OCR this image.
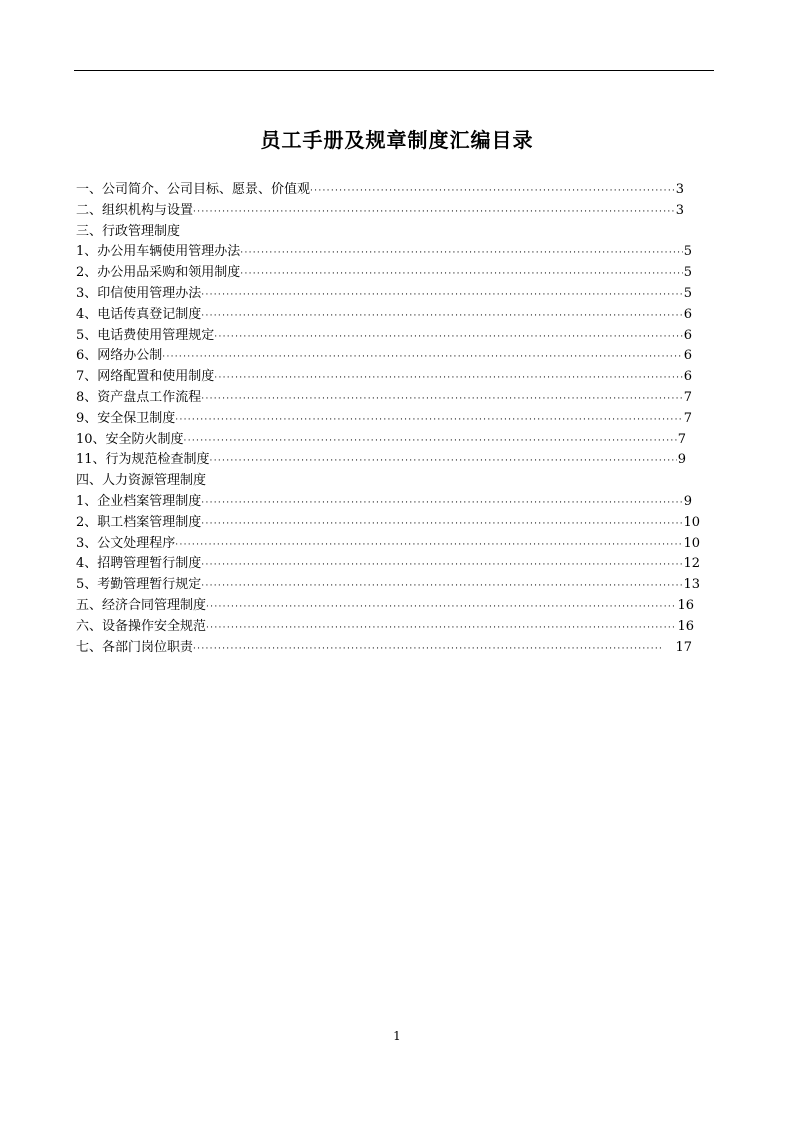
员工手册及规章制度汇编目录
一、公司简介、公司目标、愿景、价值观 ·····	3
二、组织机构与设置 ·····	3
三、行政管理制度
1、办公用车辆使用管理办法 ·····	5
2、办公用品采购和领用制度 ·····	5
3、印信使用管理办法 ·····	5
4、电话传真登记制度 ·····	6
5、电话费使用管理规定 ·····	6
6、网络办公制 ·····	6
7、网络配置和使用制度 ·····	6
8、资产盘点工作流程 ·····	7
9、安全保卫制度 ·····	7
10、安全防火制度 ·····	7
11、行为规范检查制度 ·····	9
四、人力资源管理制度
1、企业档案管理制度 ·····	9
2、职工档案管理制度 ·····	10
3、公文处理程序 ·····	10
4、招聘管理暂行制度 ·····	12
5、考勤管理暂行规定 ·····	13
五、经济合同管理制度 ·····	16
六、设备操作安全规范 ·····	16
七、各部门岗位职责 ·····	17
1
